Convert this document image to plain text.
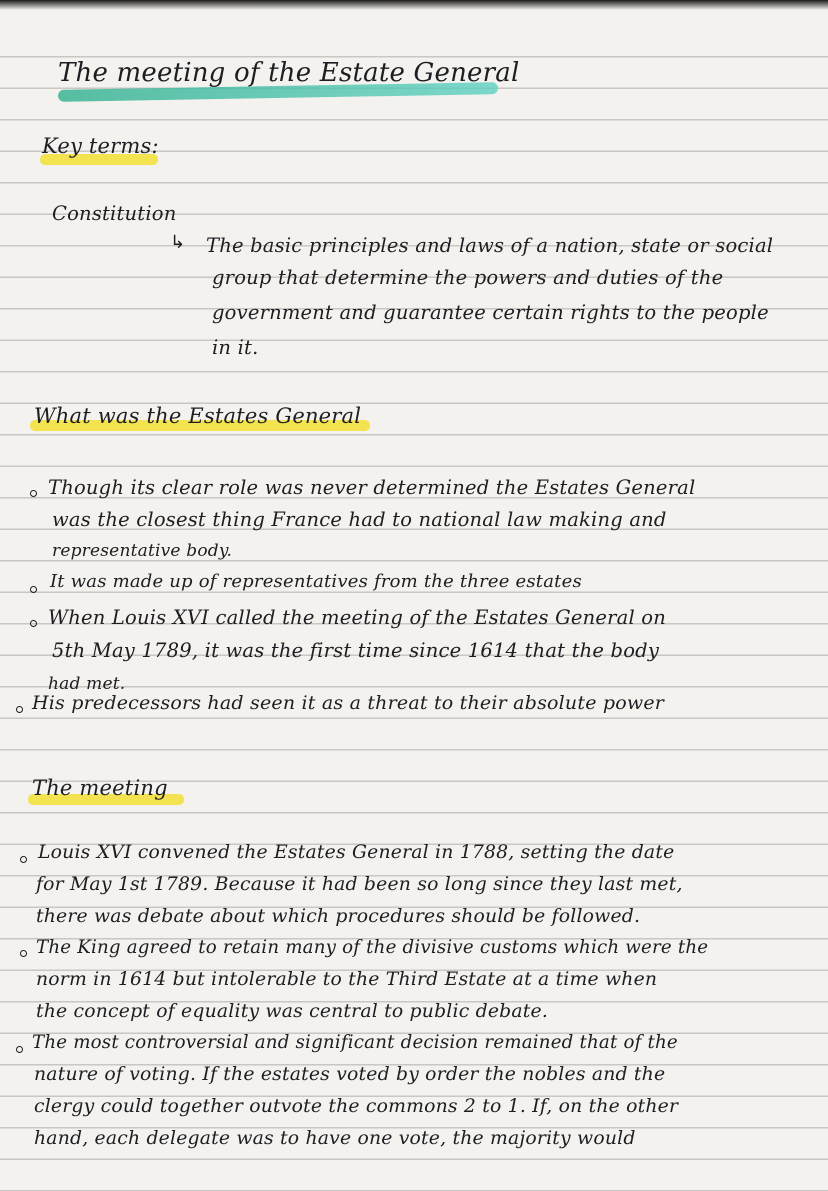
The meeting of the Estate General
Key terms:
Constitution
↳ The basic principles and laws of a nation, state or social
group that determine the powers and duties of the
government and guarantee certain rights to the people
in it.
What was the Estates General
Though its clear role was never determined the Estates General
was the closest thing France had to national law making and
representative body.
It was made up of representatives from the three estates
When Louis XVI called the meeting of the Estates General on
5th May 1789, it was the first time since 1614 that the body
had met.
His predecessors had seen it as a threat to their absolute power
The meeting
Louis XVI convened the Estates General in 1788, setting the date
for May 1st 1789. Because it had been so long since they last met,
there was debate about which procedures should be followed.
The King agreed to retain many of the divisive customs which were the
norm in 1614 but intolerable to the Third Estate at a time when
the concept of equality was central to public debate.
The most controversial and significant decision remained that of the
nature of voting. If the estates voted by order the nobles and the
clergy could together outvote the commons 2 to 1. If, on the other
hand, each delegate was to have one vote, the majority would
